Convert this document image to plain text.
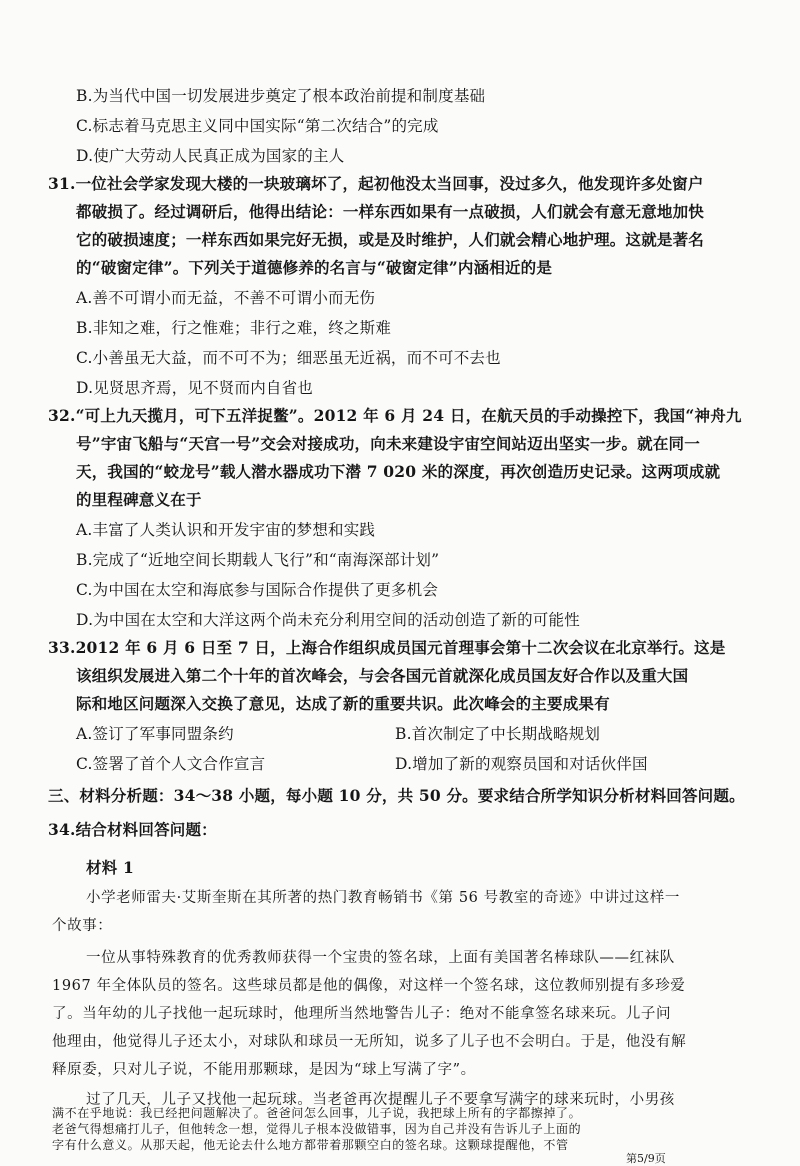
B.为当代中国一切发展进步奠定了根本政治前提和制度基础
C.标志着马克思主义同中国实际“第二次结合”的完成
D.使广大劳动人民真正成为国家的主人
31.一位社会学家发现大楼的一块玻璃坏了，起初他没太当回事，没过多久，他发现许多处窗户
都破损了。经过调研后，他得出结论：一样东西如果有一点破损，人们就会有意无意地加快
它的破损速度；一样东西如果完好无损，或是及时维护，人们就会精心地护理。这就是著名
的“破窗定律”。下列关于道德修养的名言与“破窗定律”内涵相近的是
A.善不可谓小而无益，不善不可谓小而无伤
B.非知之难，行之惟难；非行之难，终之斯难
C.小善虽无大益，而不可不为；细恶虽无近祸，而不可不去也
D.见贤思齐焉，见不贤而内自省也
32.“可上九天揽月，可下五洋捉鳖”。2012 年 6 月 24 日，在航天员的手动操控下，我国“神舟九
号”宇宙飞船与“天宫一号”交会对接成功，向未来建设宇宙空间站迈出坚实一步。就在同一
天，我国的“蛟龙号”载人潜水器成功下潜 7 020 米的深度，再次创造历史记录。这两项成就
的里程碑意义在于
A.丰富了人类认识和开发宇宙的梦想和实践
B.完成了“近地空间长期载人飞行”和“南海深部计划”
C.为中国在太空和海底参与国际合作提供了更多机会
D.为中国在太空和大洋这两个尚未充分利用空间的活动创造了新的可能性
33.2012 年 6 月 6 日至 7 日，上海合作组织成员国元首理事会第十二次会议在北京举行。这是
该组织发展进入第二个十年的首次峰会，与会各国元首就深化成员国友好合作以及重大国
际和地区问题深入交换了意见，达成了新的重要共识。此次峰会的主要成果有
A.签订了军事同盟条约	B.首次制定了中长期战略规划
C.签署了首个人文合作宣言	D.增加了新的观察员国和对话伙伴国
三、材料分析题：34～38 小题，每小题 10 分，共 50 分。要求结合所学知识分析材料回答问题。
34.结合材料回答问题：
材料 1
小学老师雷夫·艾斯奎斯在其所著的热门教育畅销书《第 56 号教室的奇迹》中讲过这样一
个故事：
一位从事特殊教育的优秀教师获得一个宝贵的签名球，上面有美国著名棒球队——红袜队
1967 年全体队员的签名。这些球员都是他的偶像，对这样一个签名球，这位教师别提有多珍爱
了。当年幼的儿子找他一起玩球时，他理所当然地警告儿子：绝对不能拿签名球来玩。儿子问
他理由，他觉得儿子还太小，对球队和球员一无所知，说多了儿子也不会明白。于是，他没有解
释原委，只对儿子说，不能用那颗球，是因为“球上写满了字”。
过了几天，儿子又找他一起玩球。当老爸再次提醒儿子不要拿写满字的球来玩时，小男孩
第5/9页
满不在乎地说：我已经把问题解决了。爸爸问怎么回事，儿子说，我把球上所有的字都擦掉了。
老爸气得想痛打儿子，但他转念一想，觉得儿子根本没做错事，因为自己并没有告诉儿子上面的
字有什么意义。从那天起，他无论去什么地方都带着那颗空白的签名球。这颗球提醒他，不管
